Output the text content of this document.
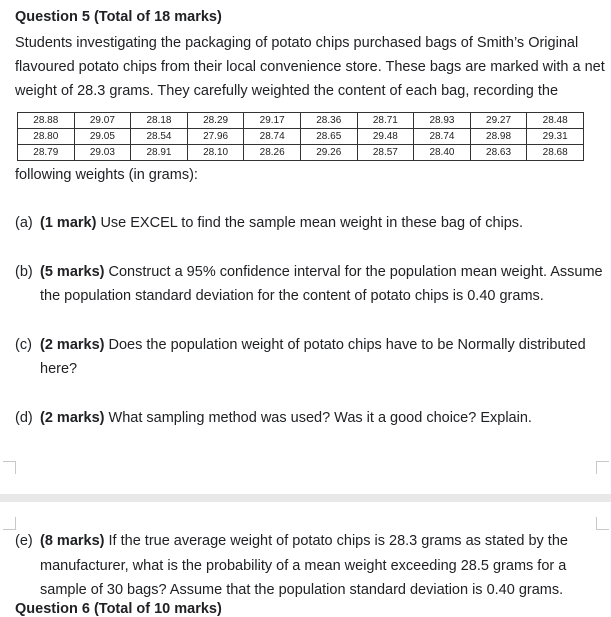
Question 5 (Total of 18 marks)
Students investigating the packaging of potato chips purchased bags of Smith’s Original
flavoured potato chips from their local convenience store. These bags are marked with a net
weight of 28.3 grams. They carefully weighted the content of each bag, recording the
28.88	29.07	28.18	28.29	29.17	28.36	28.71	28.93	29.27	28.48
28.80	29.05	28.54	27.96	28.74	28.65	29.48	28.74	28.98	29.31
28.79	29.03	28.91	28.10	28.26	29.26	28.57	28.40	28.63	28.68
following weights (in grams):
(a) (1 mark) Use EXCEL to find the sample mean weight in these bag of chips.
(b) (5 marks) Construct a 95% confidence interval for the population mean weight. Assume
the population standard deviation for the content of potato chips is 0.40 grams.
(c) (2 marks) Does the population weight of potato chips have to be Normally distributed
here?
(d) (2 marks) What sampling method was used? Was it a good choice? Explain.
(e) (8 marks) If the true average weight of potato chips is 28.3 grams as stated by the
manufacturer, what is the probability of a mean weight exceeding 28.5 grams for a
sample of 30 bags? Assume that the population standard deviation is 0.40 grams.
Question 6 (Total of 10 marks)
